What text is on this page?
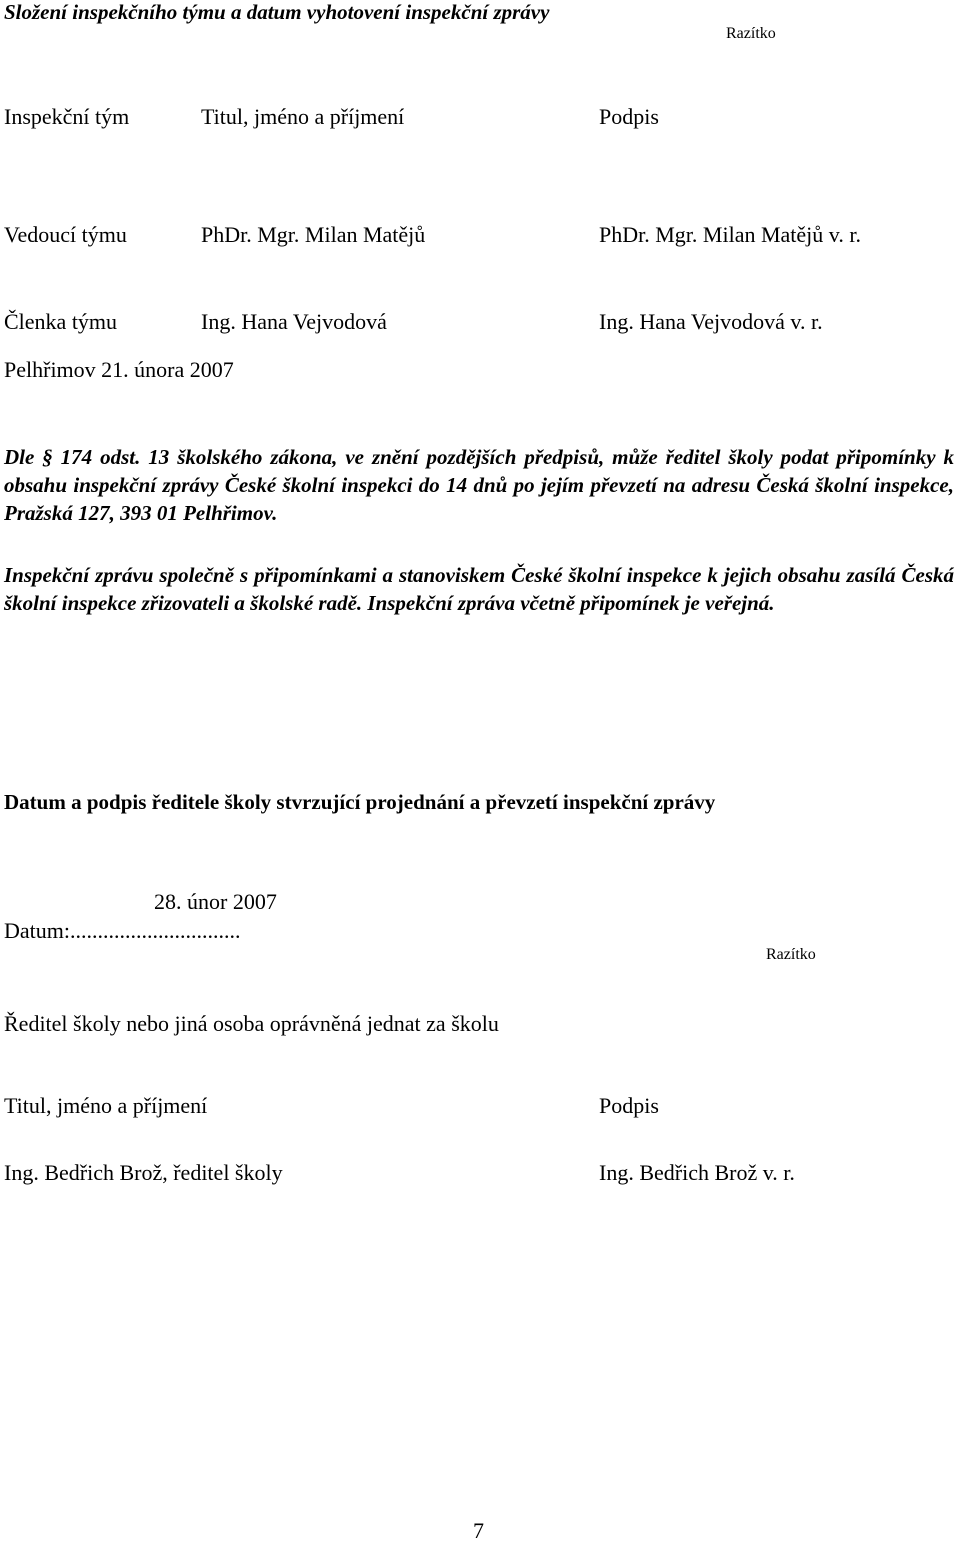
Složení inspekčního týmu a datum vyhotovení inspekční zprávy
Razítko
Inspekční tým	Titul, jméno a příjmení	Podpis
Vedoucí týmu	PhDr. Mgr. Milan Matějů	PhDr. Mgr. Milan Matějů v. r.
Členka týmu	Ing. Hana Vejvodová	Ing. Hana Vejvodová v. r.
Pelhřimov 21. února 2007
Dle § 174 odst. 13 školského zákona, ve znění pozdějších předpisů, může ředitel školy podat připomínky k obsahu inspekční zprávy České školní inspekci do 14 dnů po jejím převzetí na adresu Česká školní inspekce, Pražská 127, 393 01 Pelhřimov.
Inspekční zprávu společně s připomínkami a stanoviskem České školní inspekce k jejich obsahu zasílá Česká školní inspekce zřizovateli a školské radě. Inspekční zpráva včetně připomínek je veřejná.
Datum a podpis ředitele školy stvrzující projednání a převzetí inspekční zprávy
28. únor 2007
Datum:...............................
Razítko
Ředitel školy nebo jiná osoba oprávněná jednat za školu
Titul, jméno a příjmení	Podpis
Ing. Bedřich Brož, ředitel školy	Ing. Bedřich Brož v. r.
7
